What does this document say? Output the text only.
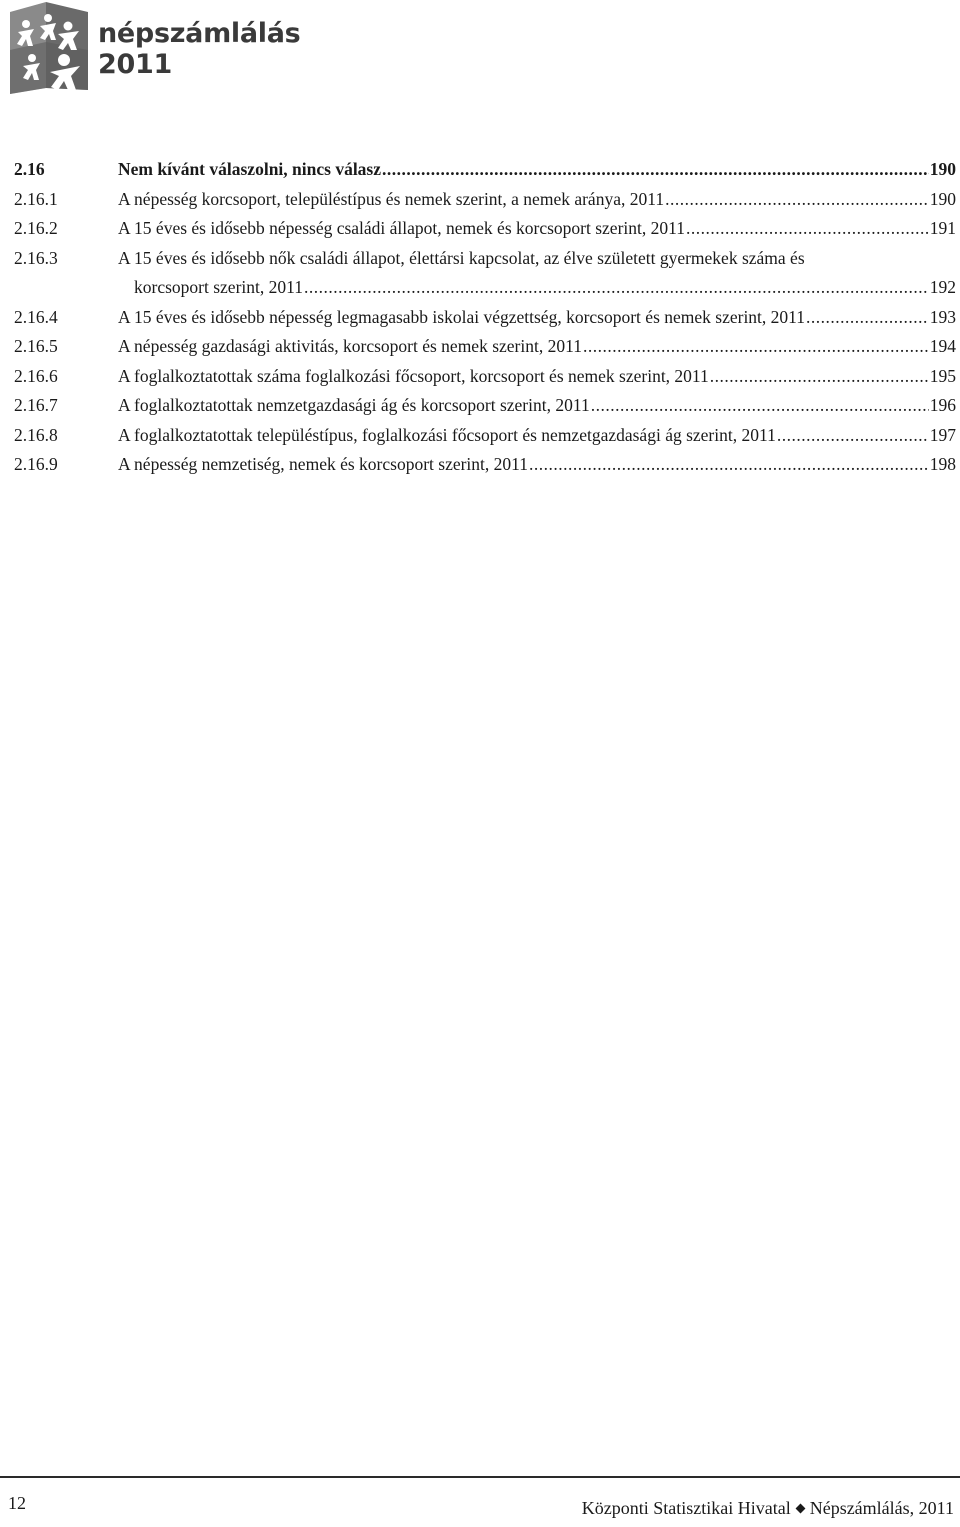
népszámlálás
2011
2.16	Nem kívánt válaszolni, nincs válasz .....	190
2.16.1	A népesség korcsoport, településtípus és nemek szerint, a nemek aránya, 2011 .....	190
2.16.2	A 15 éves és idősebb népesség családi állapot, nemek és korcsoport szerint, 2011 .....	191
2.16.3	A 15 éves és idősebb nők családi állapot, élettársi kapcsolat, az élve született gyermekek száma és
korcsoport szerint, 2011 .....	192
2.16.4	A 15 éves és idősebb népesség legmagasabb iskolai végzettség, korcsoport és nemek szerint, 2011 .....	193
2.16.5	A népesség gazdasági aktivitás, korcsoport és nemek szerint, 2011 .....	194
2.16.6	A foglalkoztatottak száma foglalkozási főcsoport, korcsoport és nemek szerint, 2011 .....	195
2.16.7	A foglalkoztatottak nemzetgazdasági ág és korcsoport szerint, 2011 .....	196
2.16.8	A foglalkoztatottak településtípus, foglalkozási főcsoport és nemzetgazdasági ág szerint, 2011 .....	197
2.16.9	A népesség nemzetiség, nemek és korcsoport szerint, 2011 .....	198
12	Központi Statisztikai Hivatal Népszámlálás, 2011
